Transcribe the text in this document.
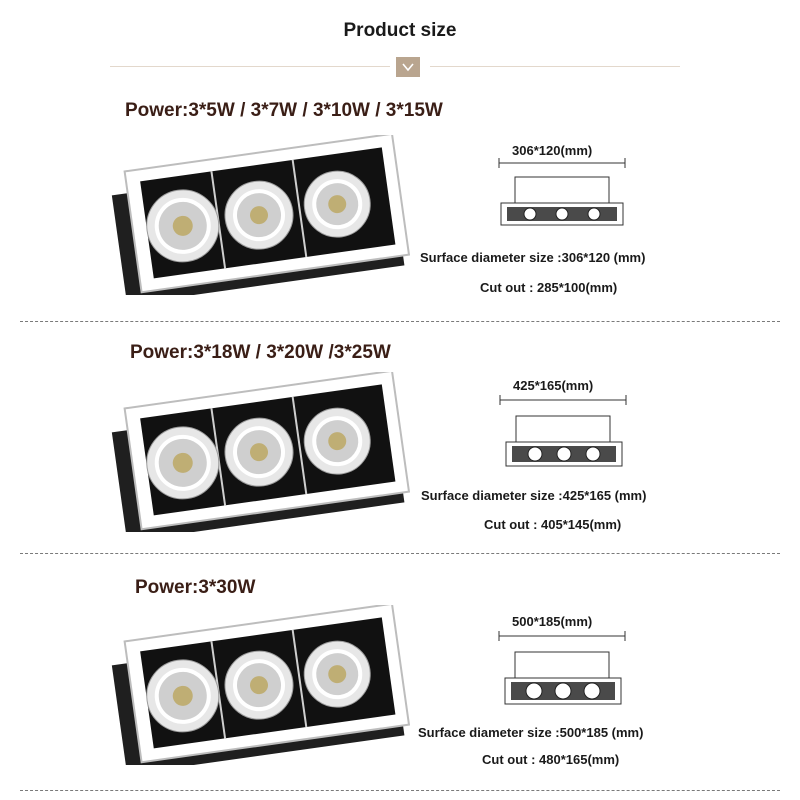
Product size
Power:3*5W / 3*7W / 3*10W / 3*15W
306*120(mm)
Surface diameter size :306*120 (mm)
Cut out : 285*100(mm)
Power:3*18W / 3*20W /3*25W
425*165(mm)
Surface diameter size :425*165 (mm)
Cut out : 405*145(mm)
Power:3*30W
500*185(mm)
Surface diameter size :500*185 (mm)
Cut out : 480*165(mm)
